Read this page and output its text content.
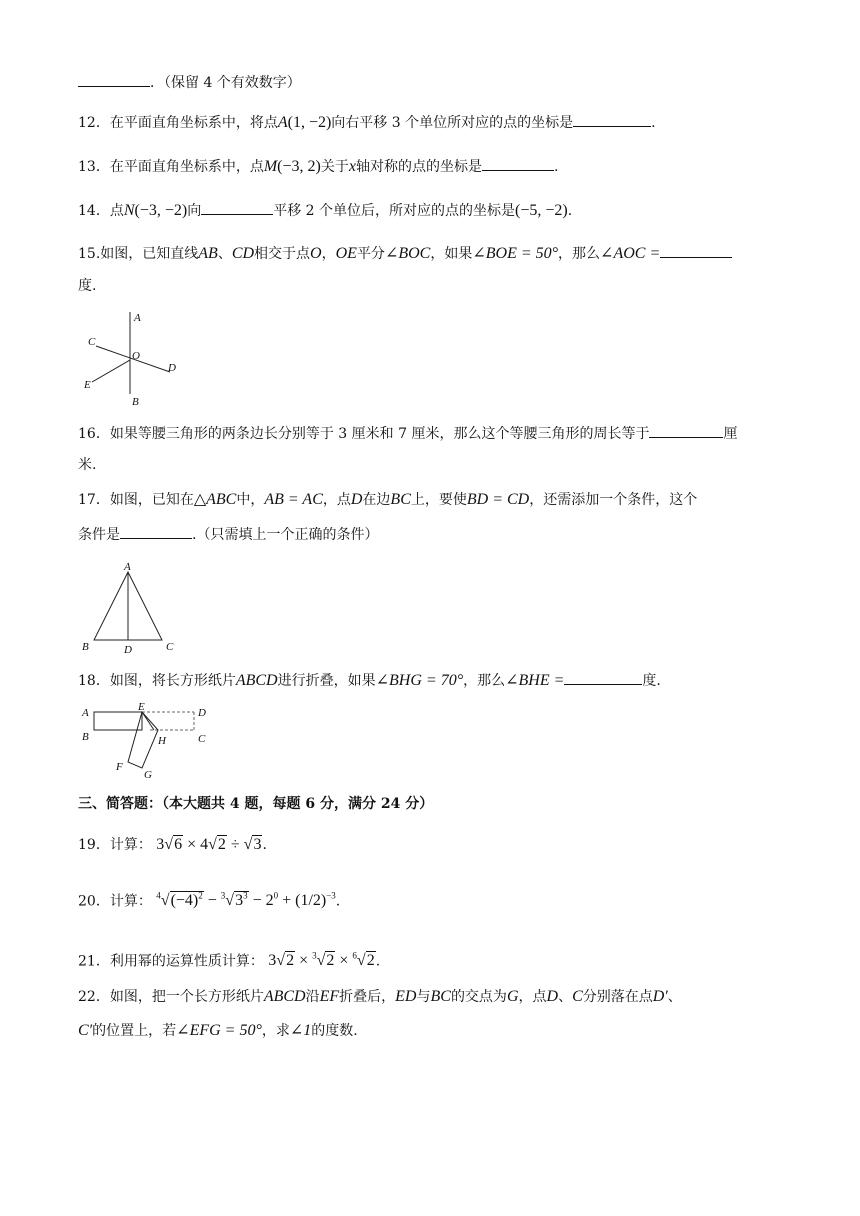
．（保留 4 个有效数字）
12．在平面直角坐标系中，将点A(1, −2)向右平移 3 个单位所对应的点的坐标是	.
13．在平面直角坐标系中，点M(−3, 2)关于x轴对称的点的坐标是	.
14．点N(−3, −2)向	平移 2 个单位后，所对应的点的坐标是(−5, −2).
15.如图，已知直线AB、CD相交于点O，OE平分∠BOC，如果∠BOE = 50°，那么∠AOC =
度.
A
C
O
D
E
B
16．如果等腰三角形的两条边长分别等于 3 厘米和 7 厘米，那么这个等腰三角形的周长等于	厘
米.
17．如图，已知在△ABC中，AB = AC，点D在边BC上，要使BD = CD，还需添加一个条件，这个
条件是	.（只需填上一个正确的条件）
A
B	D	C
18．如图，将长方形纸片ABCD进行折叠，如果∠BHG = 70°，那么∠BHE =	度.
A	E	D
B	H	C
F
G
三、简答题：（本大题共 4 题，每题 6 分，满分 24 分）
19．计算： 3√6 × 4√2 ÷ √3.
20．计算： $^4√(-4)^2 - ^3√3^3 - 2^0 + (1/2)^{-3}$.
21．利用幂的运算性质计算： 3√2 × $^3$√2 × $^6$√2.
22．如图，把一个长方形纸片ABCD沿EF折叠后，ED与BC的交点为G，点D、C分别落在点D′、
C′的位置上，若∠EFG = 50°，求∠1的度数.
